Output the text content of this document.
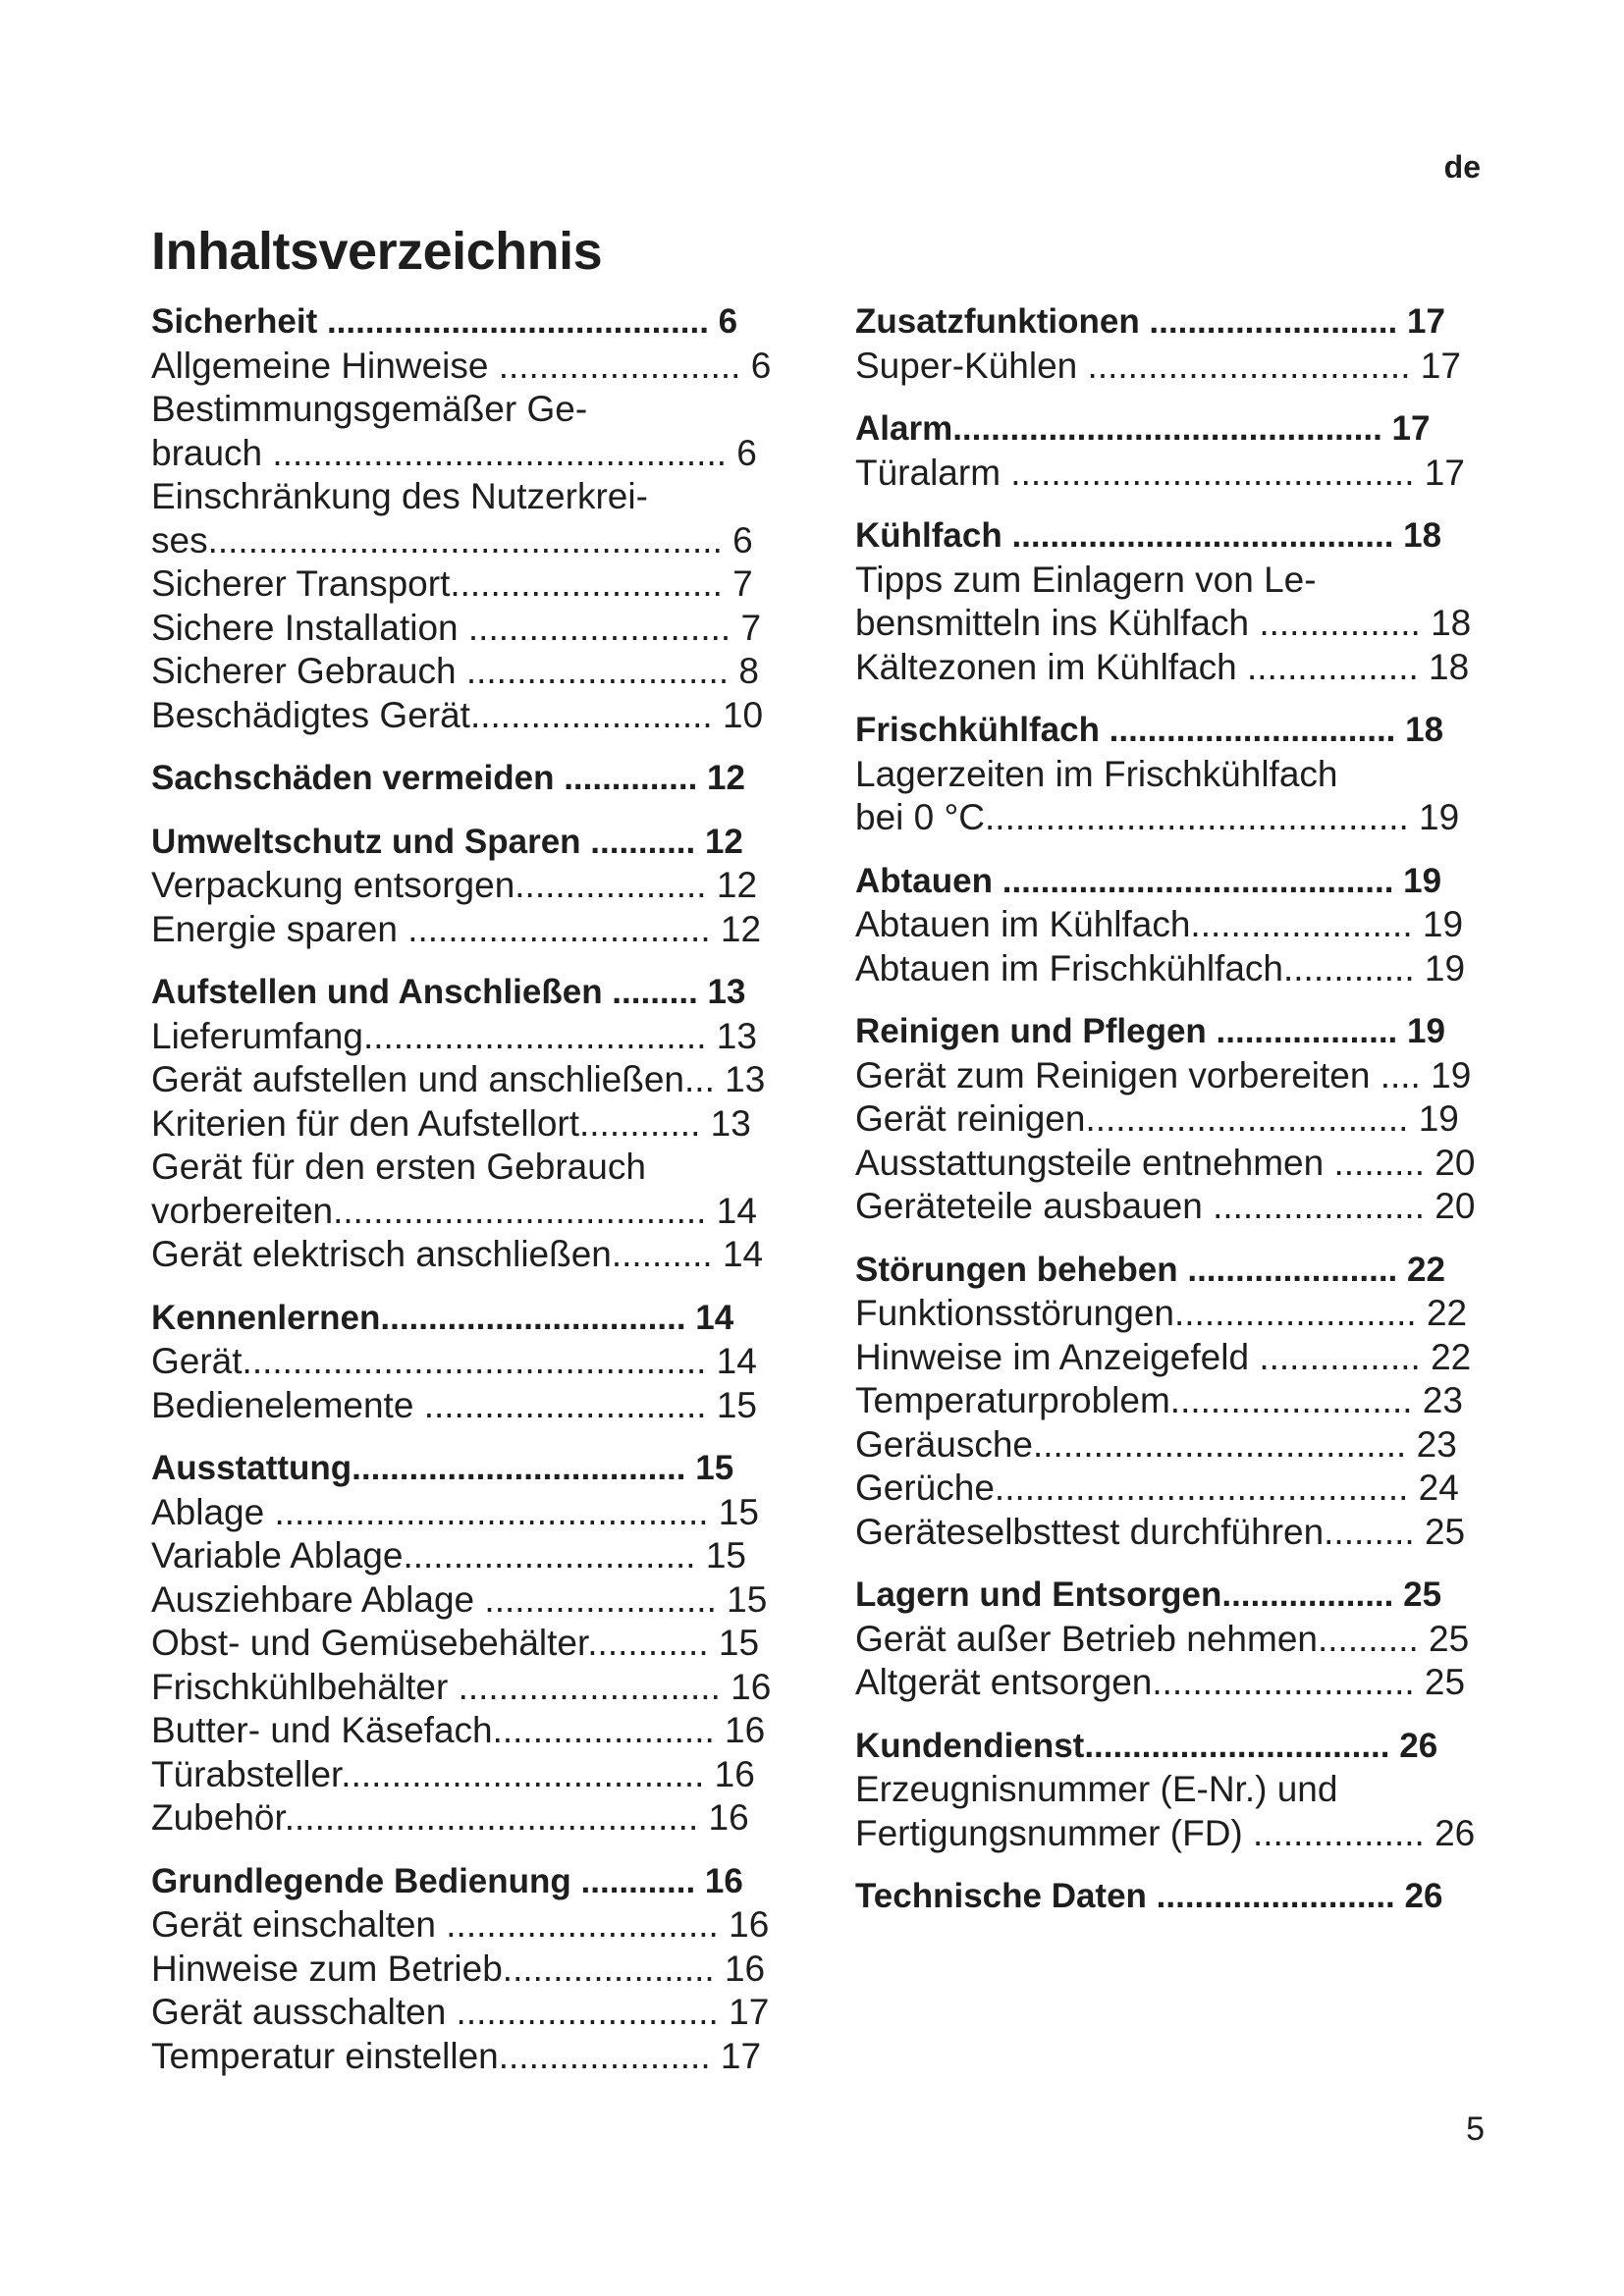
de
Inhaltsverzeichnis
Sicherheit ........................................ 6
Allgemeine Hinweise ........................ 6
Bestimmungsgemäßer Ge-
brauch ............................................. 6
Einschränkung des Nutzerkrei-
ses................................................... 6
Sicherer Transport........................... 7
Sichere Installation .......................... 7
Sicherer Gebrauch .......................... 8
Beschädigtes Gerät........................ 10
Sachschäden vermeiden .............. 12
Umweltschutz und Sparen ........... 12
Verpackung entsorgen................... 12
Energie sparen .............................. 12
Aufstellen und Anschließen ......... 13
Lieferumfang.................................. 13
Gerät aufstellen und anschließen... 13
Kriterien für den Aufstellort............ 13
Gerät für den ersten Gebrauch
vorbereiten..................................... 14
Gerät elektrisch anschließen.......... 14
Kennenlernen................................ 14
Gerät.............................................. 14
Bedienelemente ............................ 15
Ausstattung................................... 15
Ablage ........................................... 15
Variable Ablage............................. 15
Ausziehbare Ablage ....................... 15
Obst- und Gemüsebehälter............ 15
Frischkühlbehälter .......................... 16
Butter- und Käsefach...................... 16
Türabsteller.................................... 16
Zubehör......................................... 16
Grundlegende Bedienung ............ 16
Gerät einschalten ........................... 16
Hinweise zum Betrieb..................... 16
Gerät ausschalten .......................... 17
Temperatur einstellen..................... 17
Zusatzfunktionen .......................... 17
Super-Kühlen ................................ 17
Alarm............................................. 17
Türalarm ........................................ 17
Kühlfach ........................................ 18
Tipps zum Einlagern von Le-
bensmitteln ins Kühlfach ................ 18
Kältezonen im Kühlfach ................. 18
Frischkühlfach .............................. 18
Lagerzeiten im Frischkühlfach
bei 0 °C.......................................... 19
Abtauen ......................................... 19
Abtauen im Kühlfach...................... 19
Abtauen im Frischkühlfach............. 19
Reinigen und Pflegen ................... 19
Gerät zum Reinigen vorbereiten .... 19
Gerät reinigen................................ 19
Ausstattungsteile entnehmen ......... 20
Geräteteile ausbauen ..................... 20
Störungen beheben ...................... 22
Funktionsstörungen........................ 22
Hinweise im Anzeigefeld ................ 22
Temperaturproblem........................ 23
Geräusche..................................... 23
Gerüche......................................... 24
Geräteselbsttest durchführen......... 25
Lagern und Entsorgen.................. 25
Gerät außer Betrieb nehmen.......... 25
Altgerät entsorgen.......................... 25
Kundendienst................................ 26
Erzeugnisnummer (E-Nr.) und
Fertigungsnummer (FD) ................. 26
Technische Daten ......................... 26
5
